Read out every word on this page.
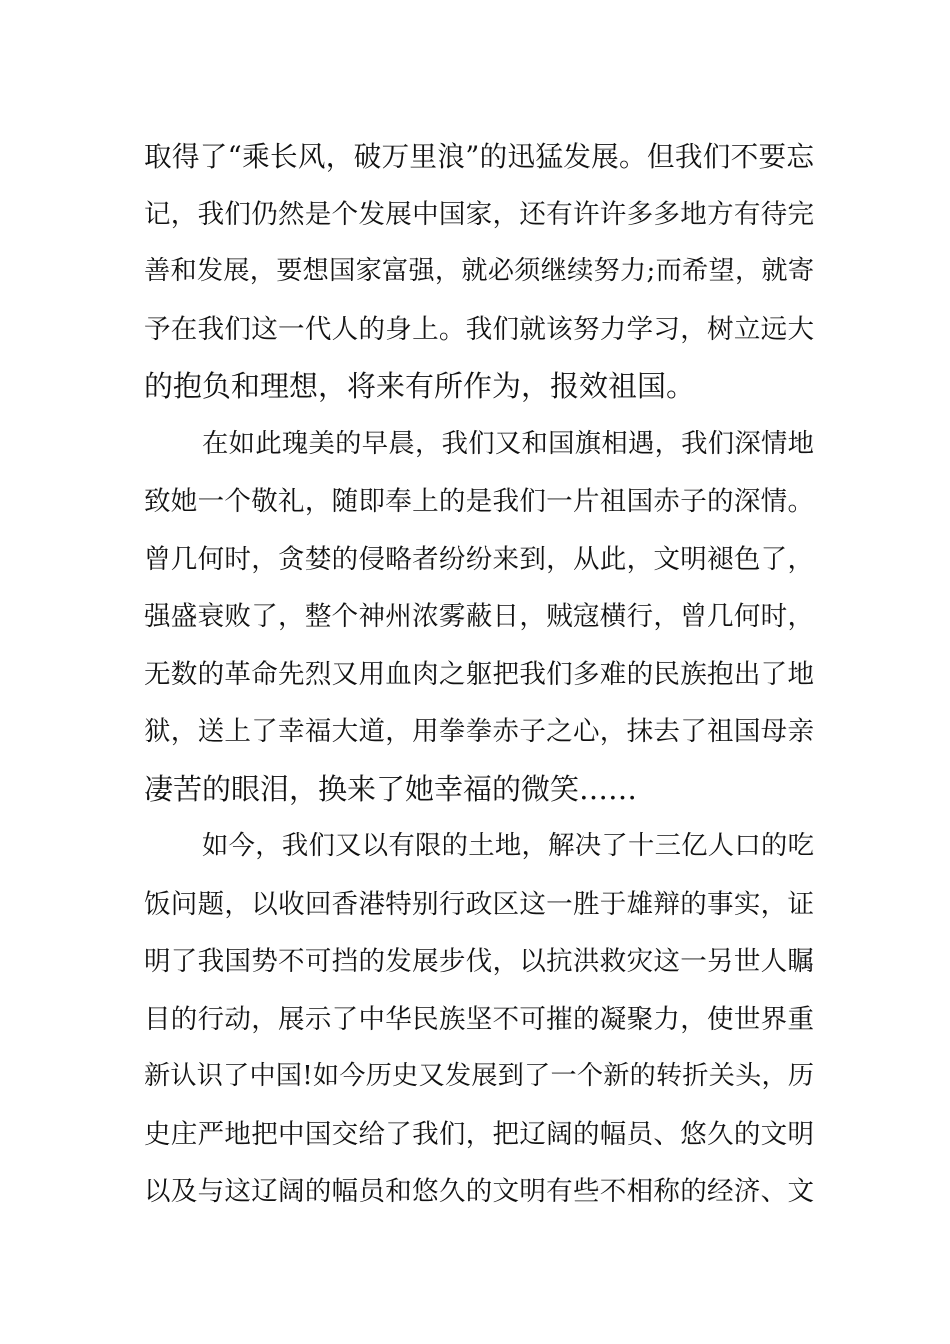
取得了“乘长风，破万里浪”的迅猛发展。但我们不要忘
记，我们仍然是个发展中国家，还有许许多多地方有待完
善和发展，要想国家富强，就必须继续努力;而希望，就寄
予在我们这一代人的身上。我们就该努力学习，树立远大
的抱负和理想，将来有所作为，报效祖国。
在如此瑰美的早晨，我们又和国旗相遇，我们深情地
致她一个敬礼，随即奉上的是我们一片祖国赤子的深情。
曾几何时，贪婪的侵略者纷纷来到，从此，文明褪色了，
强盛衰败了，整个神州浓雾蔽日，贼寇横行，曾几何时，
无数的革命先烈又用血肉之躯把我们多难的民族抱出了地
狱，送上了幸福大道，用拳拳赤子之心，抹去了祖国母亲
凄苦的眼泪，换来了她幸福的微笑……
如今，我们又以有限的土地，解决了十三亿人口的吃
饭问题，以收回香港特别行政区这一胜于雄辩的事实，证
明了我国势不可挡的发展步伐，以抗洪救灾这一另世人瞩
目的行动，展示了中华民族坚不可摧的凝聚力，使世界重
新认识了中国!如今历史又发展到了一个新的转折关头，历
史庄严地把中国交给了我们，把辽阔的幅员、悠久的文明
以及与这辽阔的幅员和悠久的文明有些不相称的经济、文
